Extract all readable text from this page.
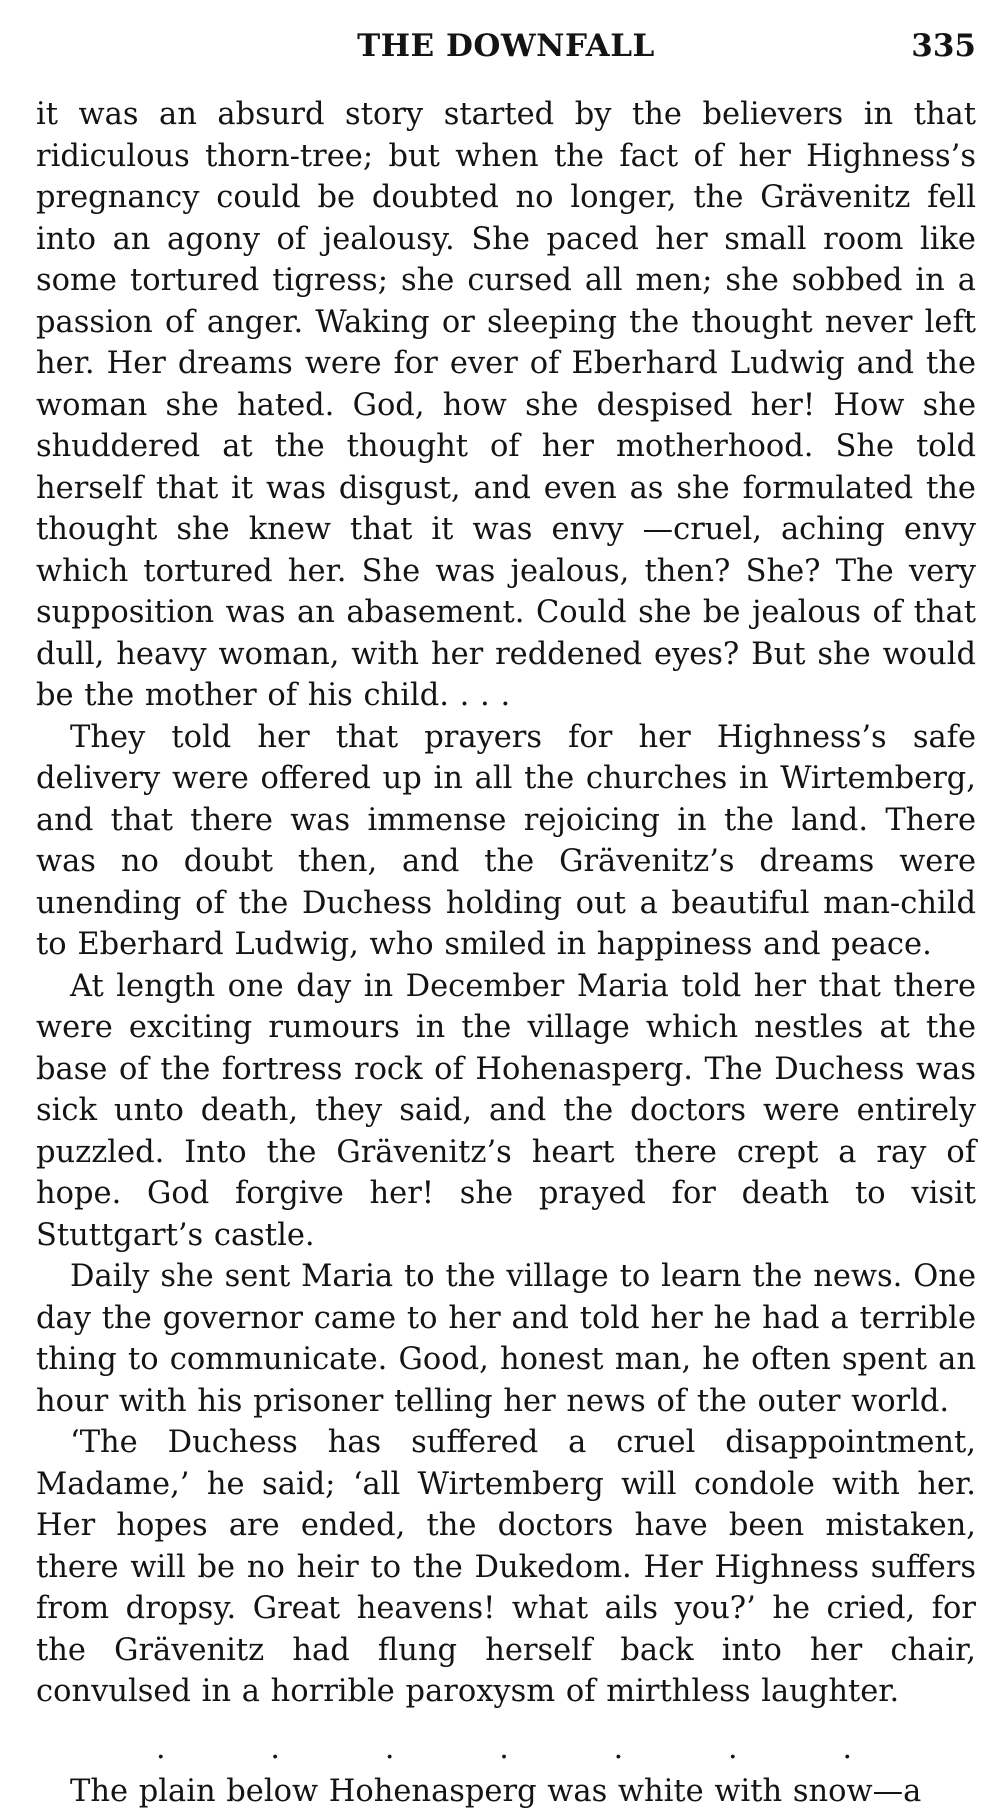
THE DOWNFALL	335

it was an absurd story started by the believers in that ridiculous thorn-tree; but when the fact of her Highness’s pregnancy could be doubted no longer, the Grävenitz fell into an agony of jealousy. She paced her small room like some tortured tigress; she cursed all men; she sobbed in a passion of anger. Waking or sleeping the thought never left her. Her dreams were for ever of Eberhard Ludwig and the woman she hated. God, how she despised her! How she shuddered at the thought of her motherhood. She told herself that it was disgust, and even as she formulated the thought she knew that it was envy —cruel, aching envy which tortured her. She was jealous, then? She? The very supposition was an abasement. Could she be jealous of that dull, heavy woman, with her reddened eyes? But she would be the mother of his child. . . .

They told her that prayers for her Highness’s safe delivery were offered up in all the churches in Wirtemberg, and that there was immense rejoicing in the land. There was no doubt then, and the Grävenitz’s dreams were unending of the Duchess holding out a beautiful man-child to Eberhard Ludwig, who smiled in happiness and peace.

At length one day in December Maria told her that there were exciting rumours in the village which nestles at the base of the fortress rock of Hohenasperg. The Duchess was sick unto death, they said, and the doctors were entirely puzzled. Into the Grävenitz’s heart there crept a ray of hope. God forgive her! she prayed for death to visit Stuttgart’s castle.

Daily she sent Maria to the village to learn the news. One day the governor came to her and told her he had a terrible thing to communicate. Good, honest man, he often spent an hour with his prisoner telling her news of the outer world.

‘The Duchess has suffered a cruel disappointment, Madame,’ he said; ‘all Wirtemberg will condole with her. Her hopes are ended, the doctors have been mistaken, there will be no heir to the Dukedom. Her Highness suffers from dropsy. Great heavens! what ails you?’ he cried, for the Grävenitz had flung herself back into her chair, convulsed in a horrible paroxysm of mirthless laughter.

.	.	.	.	.	.	.

The plain below Hohenasperg was white with snow—a
